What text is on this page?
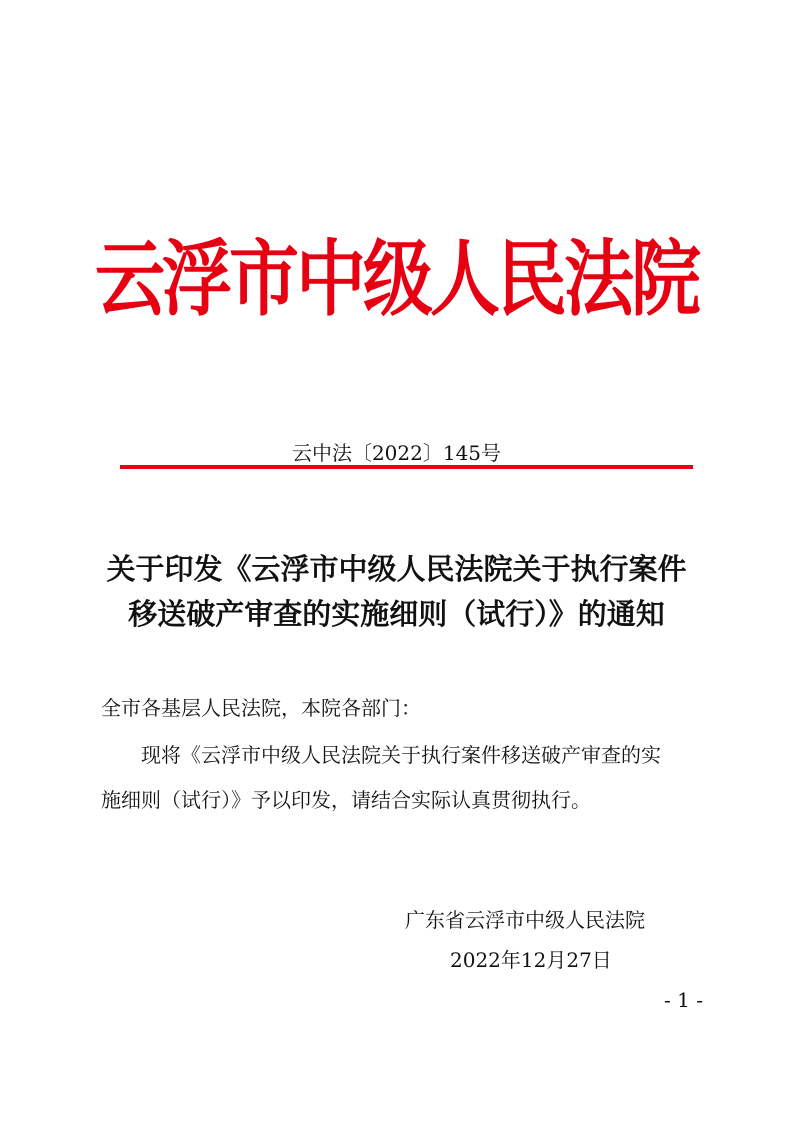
云浮市中级人民法院
云中法〔2022〕145号
关于印发《云浮市中级人民法院关于执行案件
移送破产审查的实施细则（试行）》的通知
全市各基层人民法院，本院各部门：
现将《云浮市中级人民法院关于执行案件移送破产审查的实
施细则（试行）》予以印发，请结合实际认真贯彻执行。
广东省云浮市中级人民法院
2022年12月27日
- 1 -
